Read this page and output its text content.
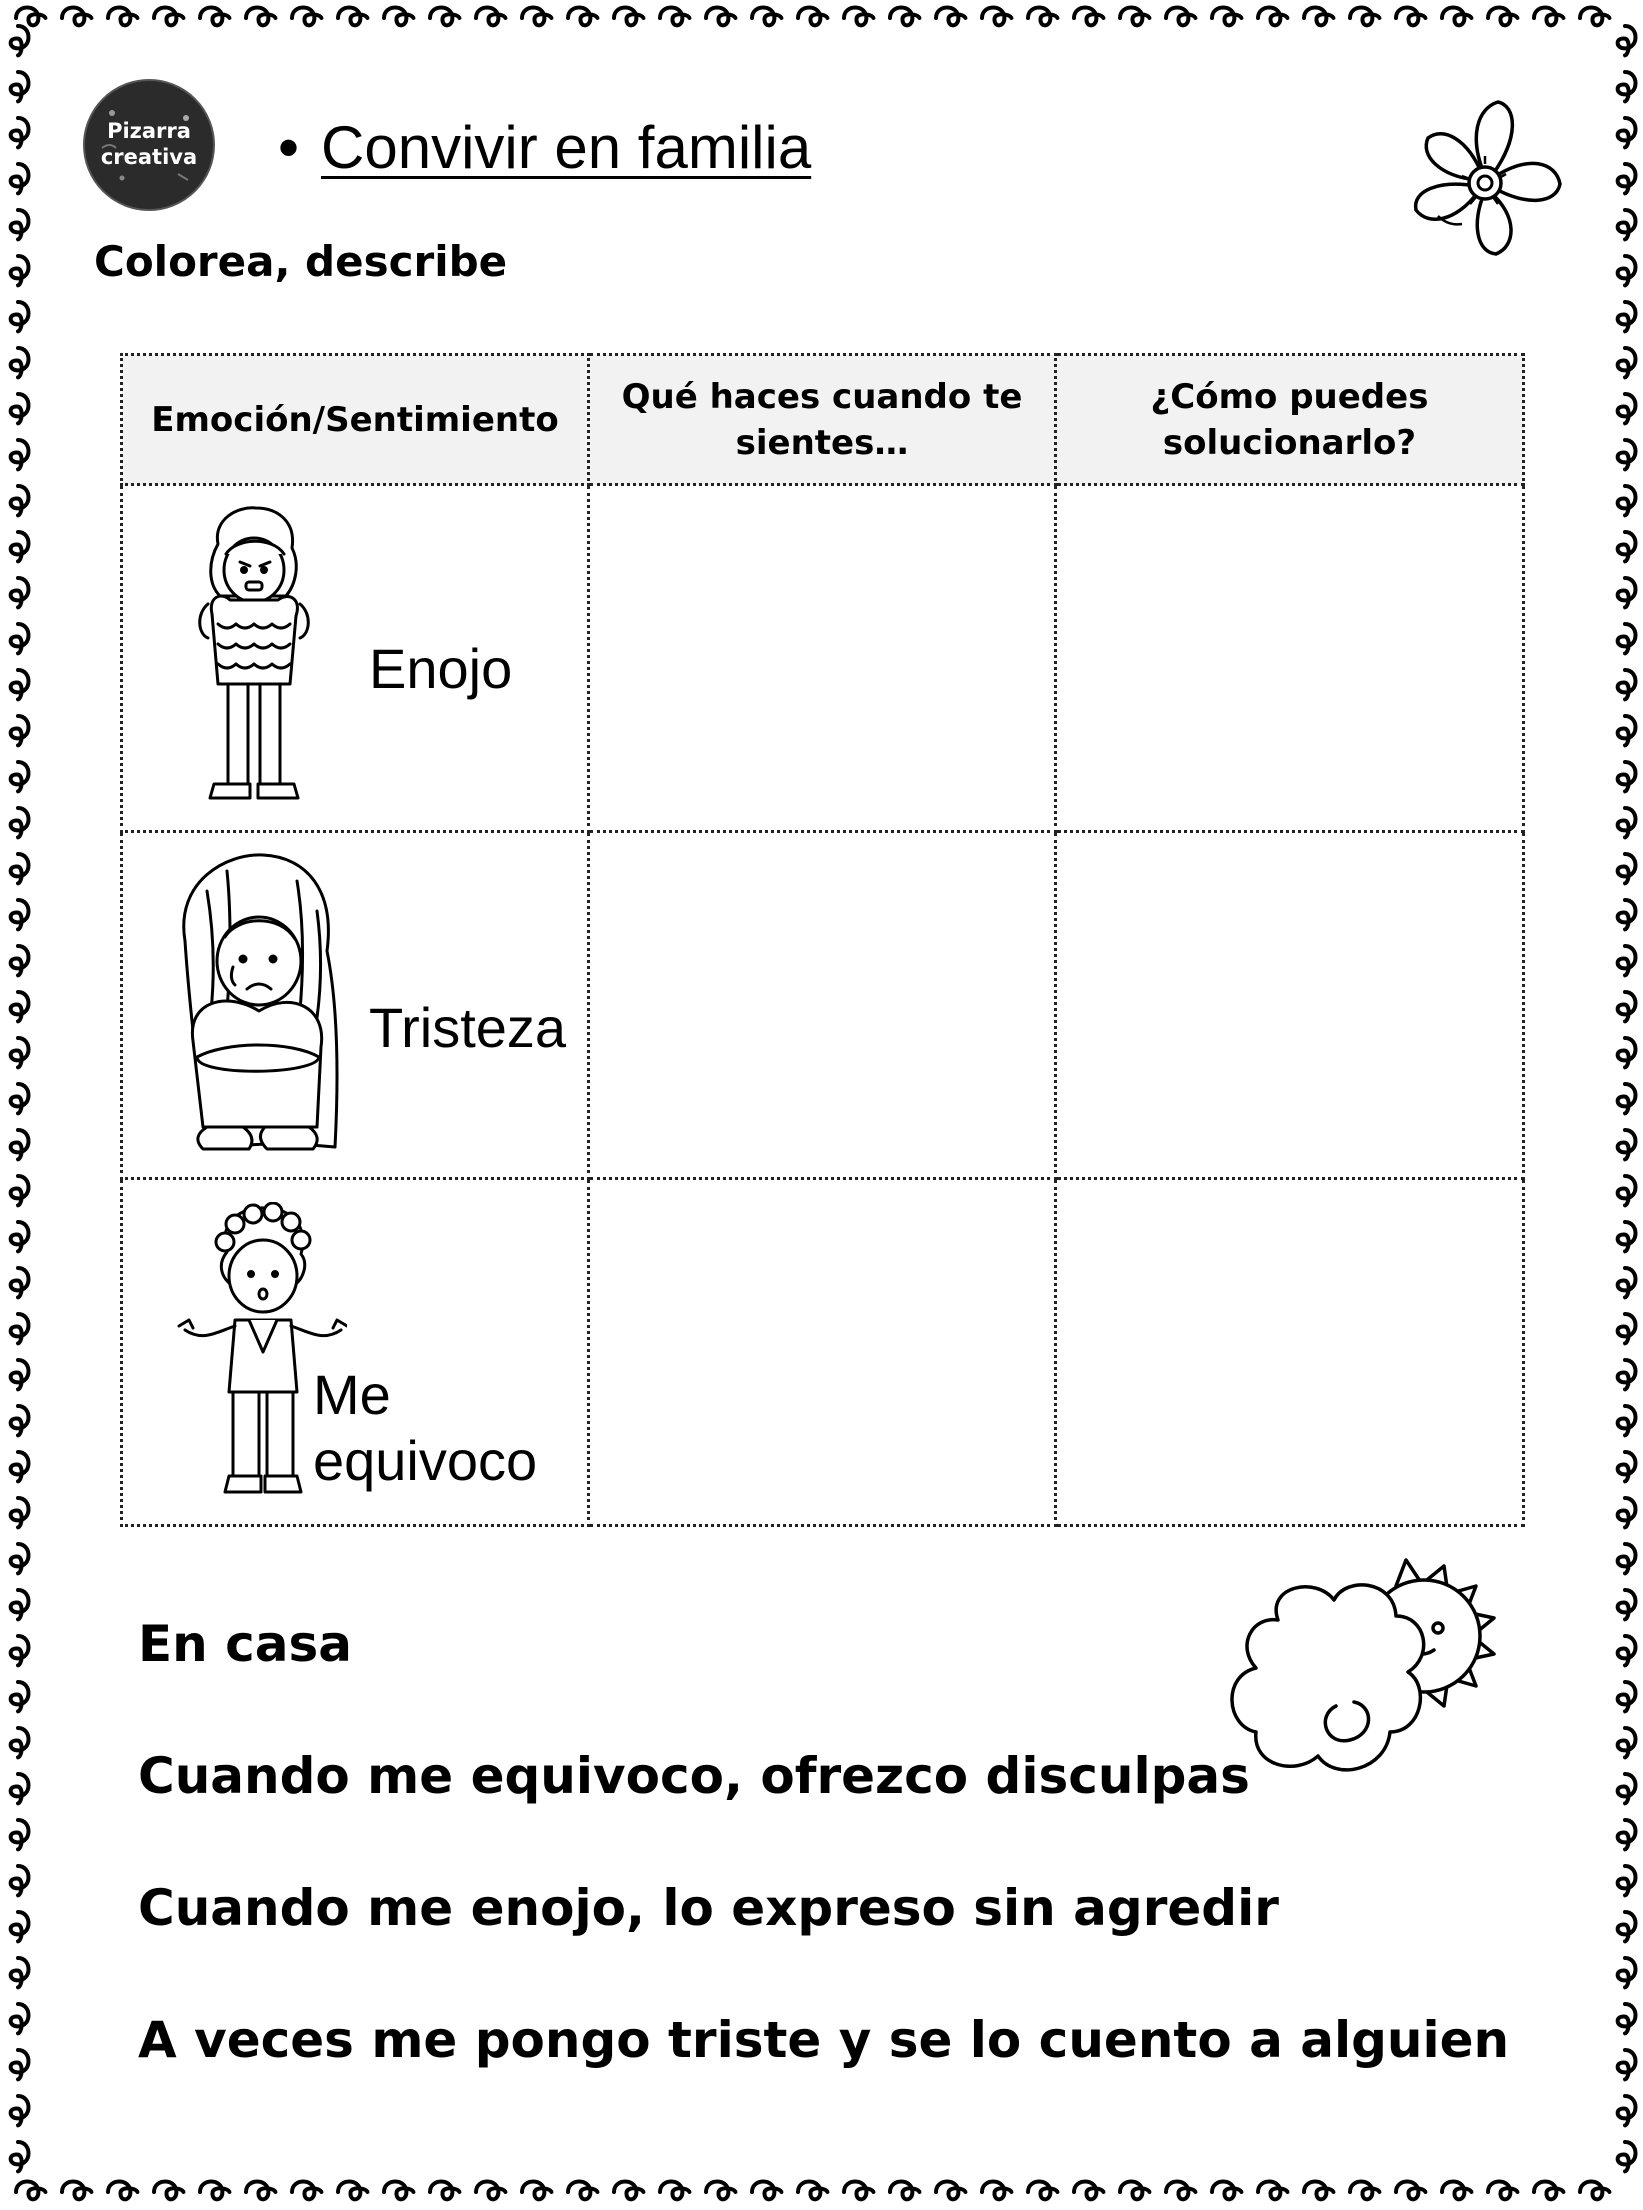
Pizarra
creativa • Convivir en familia
Colorea, describe
Emoción/Sentimiento	Qué haces cuando te sientes…	¿Cómo puedes solucionarlo?

Enojo		

Tristeza		

Me
equivoco		

En casa
Cuando me equivoco, ofrezco disculpas
Cuando me enojo, lo expreso sin agredir
A veces me pongo triste y se lo cuento a alguien
